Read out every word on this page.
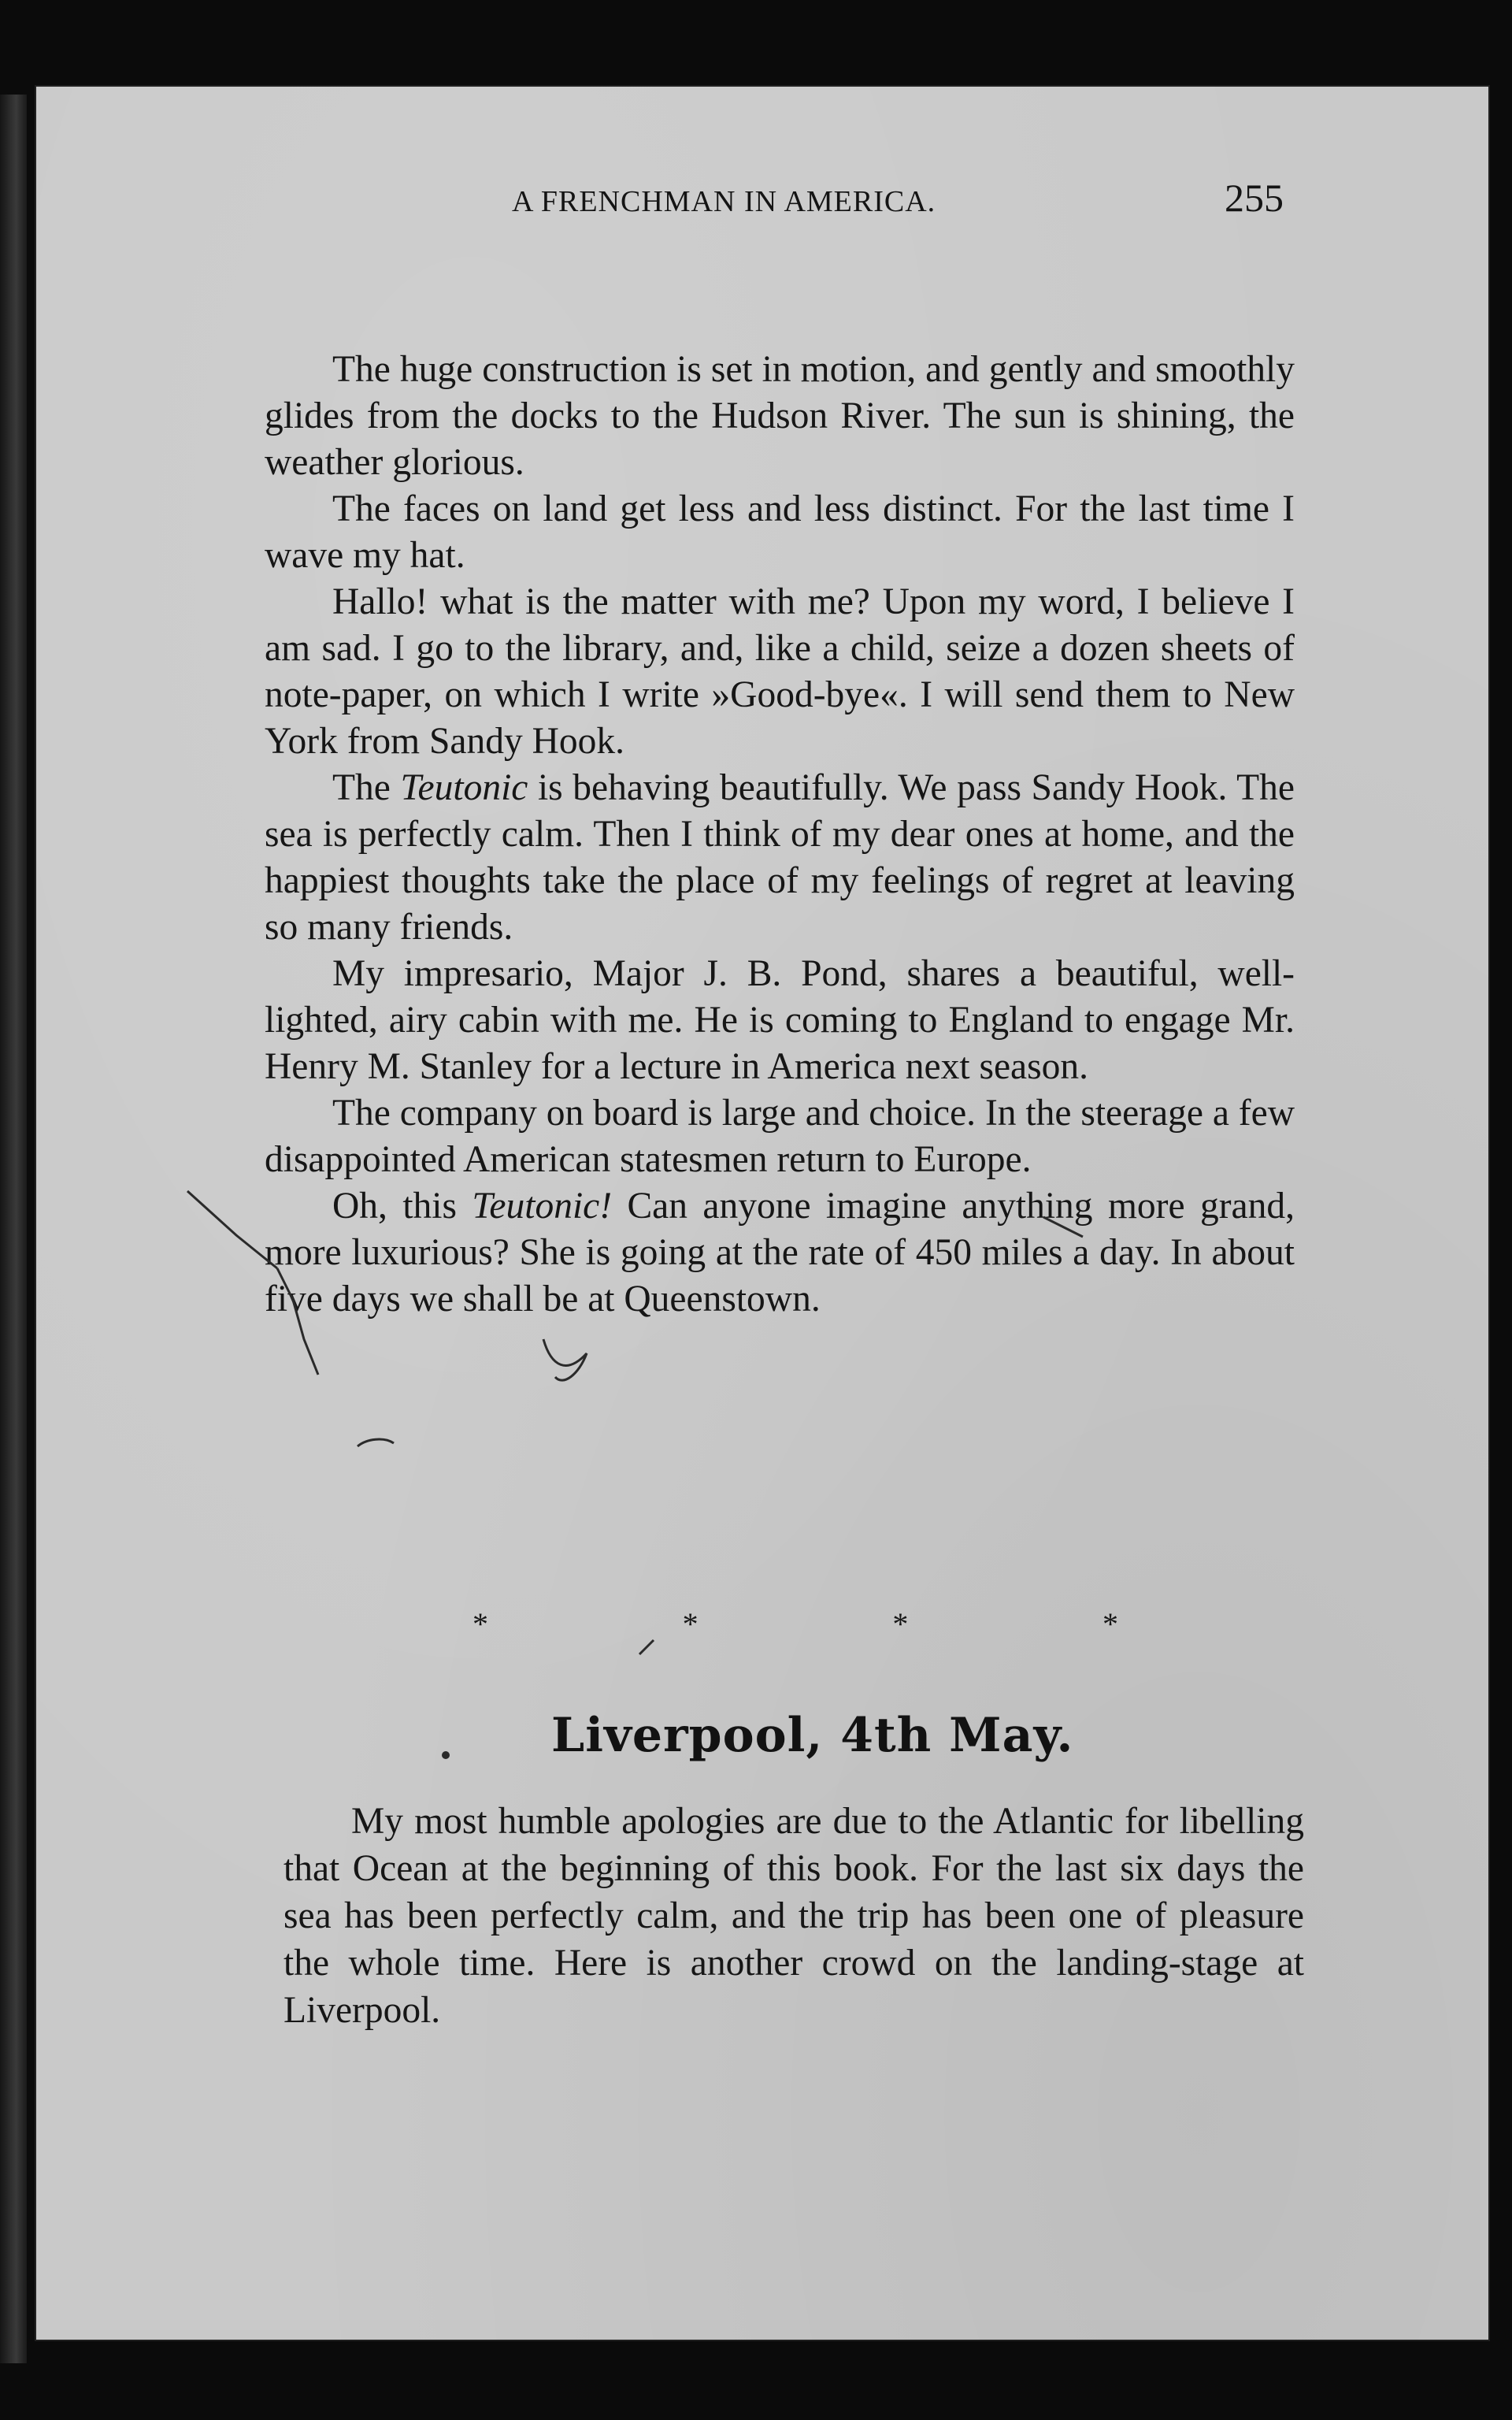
A FRENCHMAN IN AMERICA.	255

The huge construction is set in motion, and gently and smoothly glides from the docks to the Hudson River. The sun is shining, the weather glorious.

The faces on land get less and less distinct. For the last time I wave my hat.

Hallo! what is the matter with me? Upon my word, I believe I am sad. I go to the library, and, like a child, seize a dozen sheets of note-paper, on which I write »Good-bye«. I will send them to New York from Sandy Hook.

The Teutonic is behaving beautifully. We pass Sandy Hook. The sea is perfectly calm. Then I think of my dear ones at home, and the happiest thoughts take the place of my feelings of regret at leaving so many friends.

My impresario, Major J. B. Pond, shares a beautiful, well-lighted, airy cabin with me. He is coming to England to engage Mr. Henry M. Stanley for a lecture in America next season.

The company on board is large and choice. In the steerage a few disappointed American statesmen return to Europe.

Oh, this Teutonic! Can anyone imagine anything more grand, more luxurious? She is going at the rate of 450 miles a day. In about five days we shall be at Queenstown.

*	*	*	*
Liverpool, 4th May.

My most humble apologies are due to the Atlantic for libelling that Ocean at the beginning of this book. For the last six days the sea has been perfectly calm, and the trip has been one of pleasure the whole time. Here is another crowd on the landing-stage at Liverpool.
